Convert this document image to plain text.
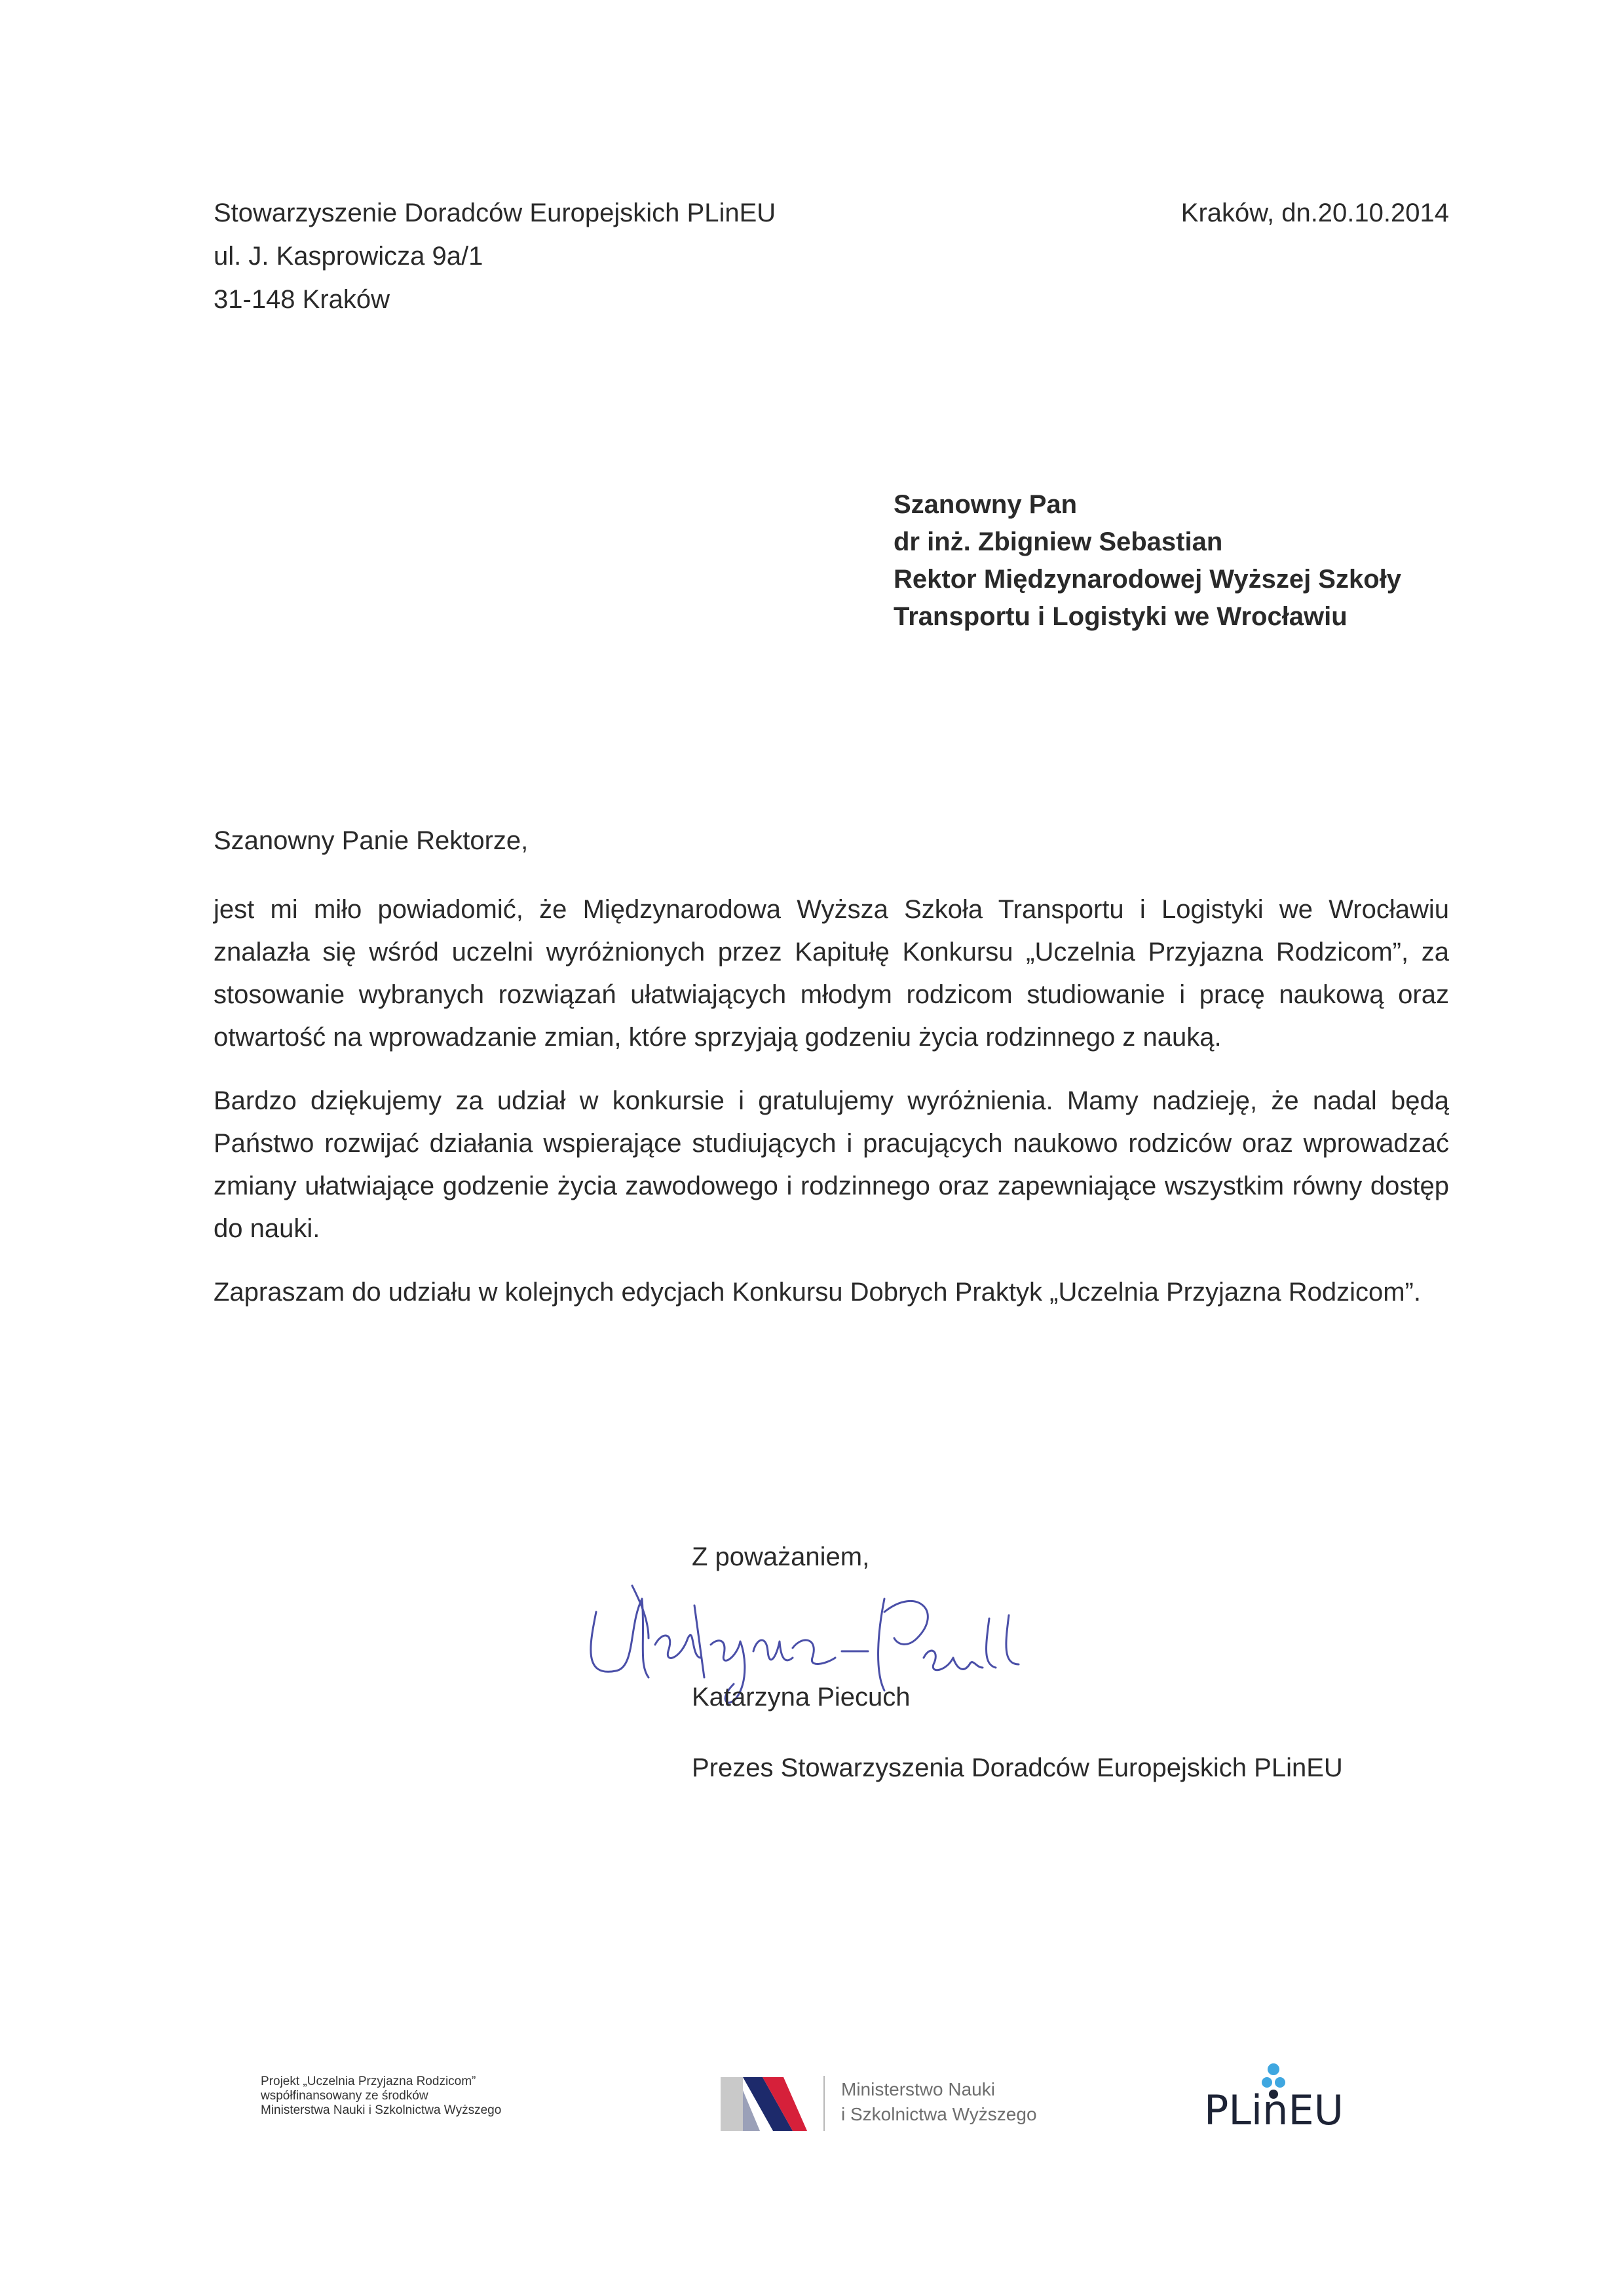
Stowarzyszenie Doradców Europejskich PLinEU
ul. J. Kasprowicza 9a/1
31-148 Kraków
Kraków, dn.20.10.2014
Szanowny Pan
dr inż. Zbigniew Sebastian
Rektor Międzynarodowej Wyższej Szkoły
Transportu i Logistyki we Wrocławiu
Szanowny Panie Rektorze,

jest mi miło powiadomić, że Międzynarodowa Wyższa Szkoła Transportu i Logistyki we Wrocławiu znalazła się wśród uczelni wyróżnionych przez Kapitułę Konkursu „Uczelnia Przyjazna Rodzicom”, za stosowanie wybranych rozwiązań ułatwiających młodym rodzicom studiowanie i pracę naukową oraz otwartość na wprowadzanie zmian, które sprzyjają godzeniu życia rodzinnego z nauką.

Bardzo dziękujemy za udział w konkursie i gratulujemy wyróżnienia. Mamy nadzieję, że nadal będą Państwo rozwijać działania wspierające studiujących i pracujących naukowo rodziców oraz wprowadzać zmiany ułatwiające godzenie życia zawodowego i rodzinnego oraz zapewniające wszystkim równy dostęp do nauki.

Zapraszam do udziału w kolejnych edycjach Konkursu Dobrych Praktyk „Uczelnia Przyjazna Rodzicom”.

Z poważaniem,
Katarzyna Piecuch
Prezes Stowarzyszenia Doradców Europejskich PLinEU
Projekt „Uczelnia Przyjazna Rodzicom”
współfinansowany ze środków
Ministerstwa Nauki i Szkolnictwa Wyższego
Ministerstwo Nauki
i Szkolnictwa Wyższego	PLinEU
